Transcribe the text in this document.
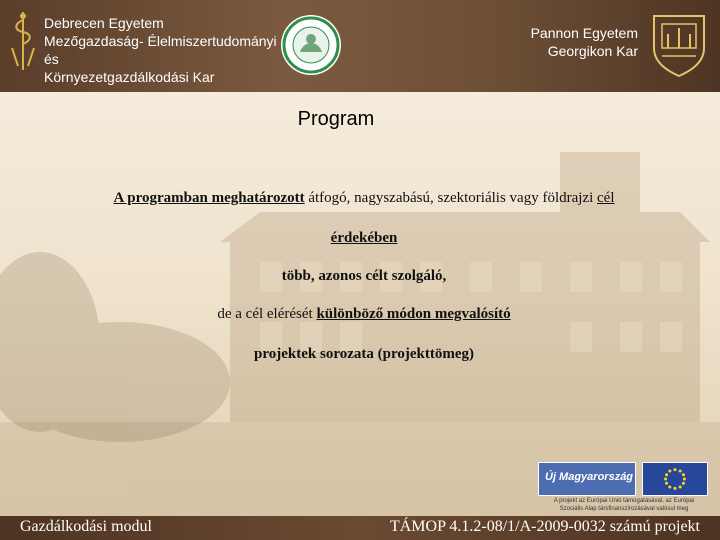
Debrecen Egyetem
Mezőgazdaság- Élelmiszertudományi és
Környezetgazdálkodási Kar
Pannon Egyetem
Georgikon Kar
Program
A programban meghatározott átfogó, nagyszabású, szektoriális vagy földrajzi cél
érdekében
több, azonos célt szolgáló,
de a cél elérését különböző módon megvalósító
projektek sorozata (projekttömeg)
Új Magyarország
A projekt az Európai Unió támogatásával, az Európai
Szociális Alap társfinanszírozásával valósul meg
Gazdálkodási modul	TÁMOP 4.1.2-08/1/A-2009-0032 számú projekt
